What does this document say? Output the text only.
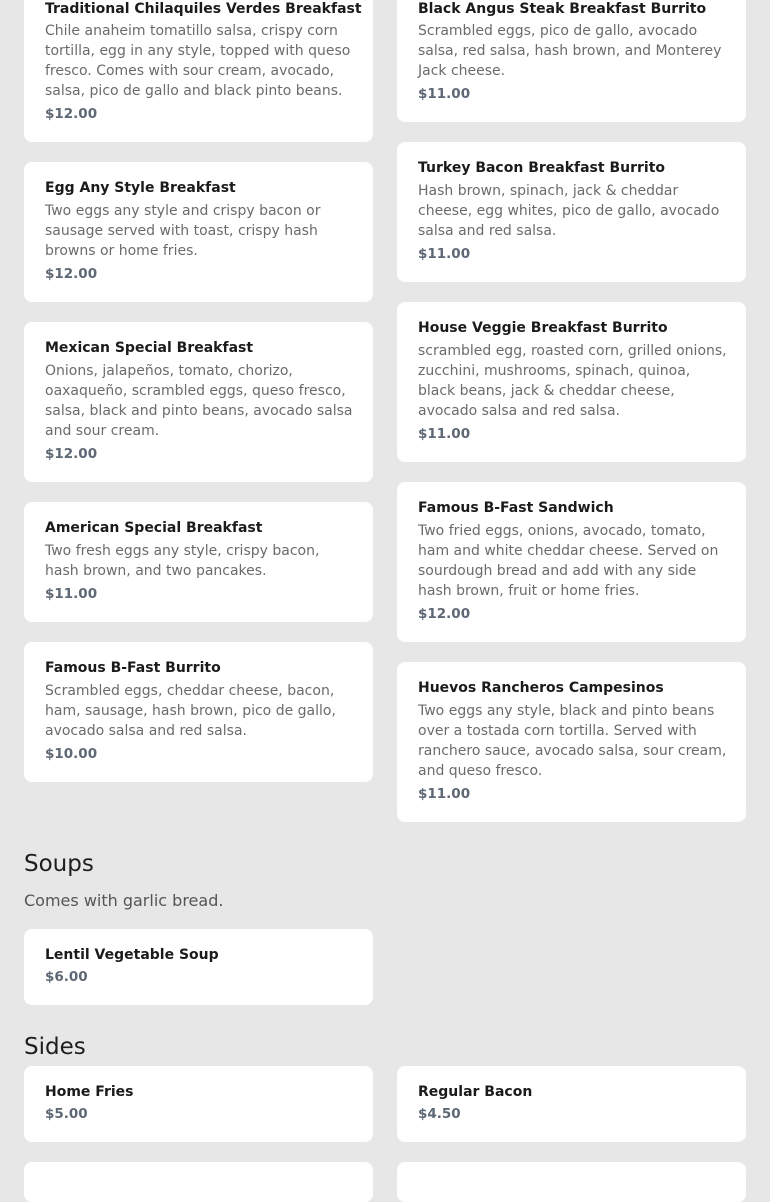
Traditional Chilaquiles Verdes Breakfast
Chile anaheim tomatillo salsa, crispy corn tortilla, egg in any style, topped with queso fresco. Comes with sour cream, avocado, salsa, pico de gallo and black pinto beans.
$12.00
Egg Any Style Breakfast
Two eggs any style and crispy bacon or sausage served with toast, crispy hash browns or home fries.
$12.00
Mexican Special Breakfast
Onions, jalapeños, tomato, chorizo, oaxaqueño, scrambled eggs, queso fresco, salsa, black and pinto beans, avocado salsa and sour cream.
$12.00
American Special Breakfast
Two fresh eggs any style, crispy bacon, hash brown, and two pancakes.
$11.00
Famous B-Fast Burrito
Scrambled eggs, cheddar cheese, bacon, ham, sausage, hash brown, pico de gallo, avocado salsa and red salsa.
$10.00
Black Angus Steak Breakfast Burrito
Scrambled eggs, pico de gallo, avocado salsa, red salsa, hash brown, and Monterey Jack cheese.
$11.00
Turkey Bacon Breakfast Burrito
Hash brown, spinach, jack & cheddar cheese, egg whites, pico de gallo, avocado salsa and red salsa.
$11.00
House Veggie Breakfast Burrito
scrambled egg, roasted corn, grilled onions, zucchini, mushrooms, spinach, quinoa, black beans, jack & cheddar cheese, avocado salsa and red salsa.
$11.00
Famous B-Fast Sandwich
Two fried eggs, onions, avocado, tomato, ham and white cheddar cheese. Served on sourdough bread and add with any side hash brown, fruit or home fries.
$12.00
Huevos Rancheros Campesinos
Two eggs any style, black and pinto beans over a tostada corn tortilla. Served with ranchero sauce, avocado salsa, sour cream, and queso fresco.
$11.00
Soups
Comes with garlic bread.
Lentil Vegetable Soup
$6.00
Sides
Home Fries
$5.00
Regular Bacon
$4.50
